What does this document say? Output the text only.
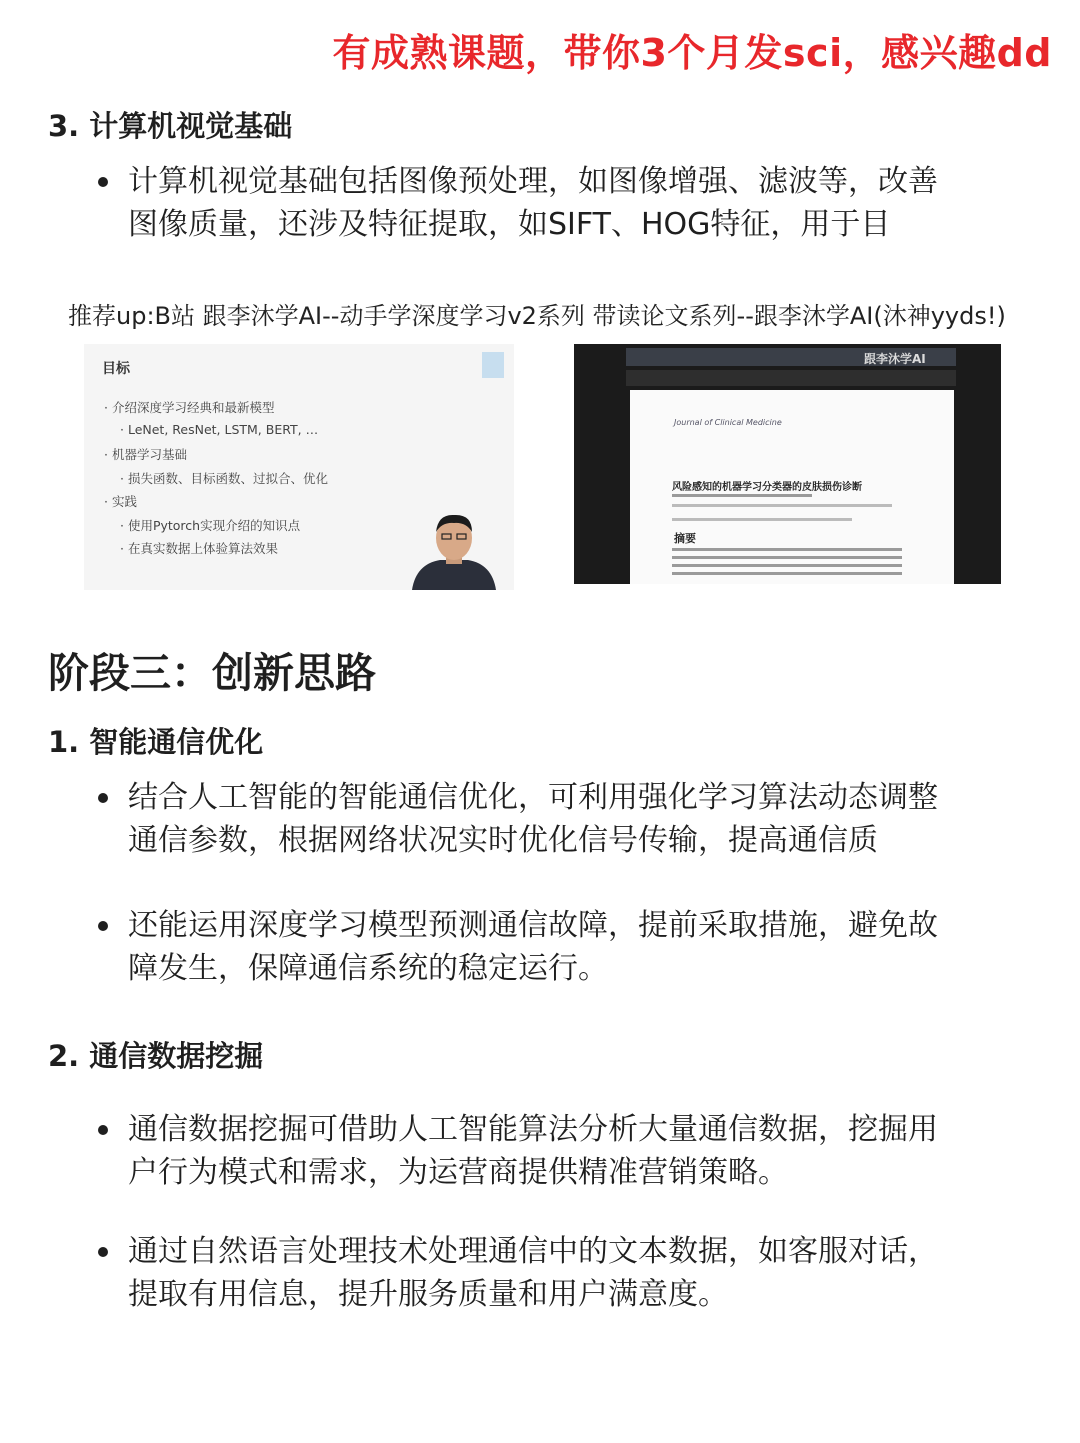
有成熟课题，带你3个月发sci，感兴趣dd
3. 计算机视觉基础
计算机视觉基础包括图像预处理，如图像增强、滤波等，改善图像质量，还涉及特征提取，如SIFT、HOG特征，用于目
推荐up:B站 跟李沐学AI--动手学深度学习v2系列 带读论文系列--跟李沐学AI(沐神yyds!)
目标
· 介绍深度学习经典和最新模型
· LeNet, ResNet, LSTM, BERT, …
· 机器学习基础
· 损失函数、目标函数、过拟合、优化
· 实践
· 使用Pytorch实现介绍的知识点
· 在真实数据上体验算法效果
跟李沐学AI
Journal of Clinical Medicine
风险感知的机器学习分类器的皮肤损伤诊断
摘要
阶段三：创新思路
1. 智能通信优化
结合人工智能的智能通信优化，可利用强化学习算法动态调整通信参数，根据网络状况实时优化信号传输，提高通信质
还能运用深度学习模型预测通信故障，提前采取措施，避免故障发生，保障通信系统的稳定运行。
2. 通信数据挖掘
通信数据挖掘可借助人工智能算法分析大量通信数据，挖掘用户行为模式和需求，为运营商提供精准营销策略。
通过自然语言处理技术处理通信中的文本数据，如客服对话，提取有用信息，提升服务质量和用户满意度。
